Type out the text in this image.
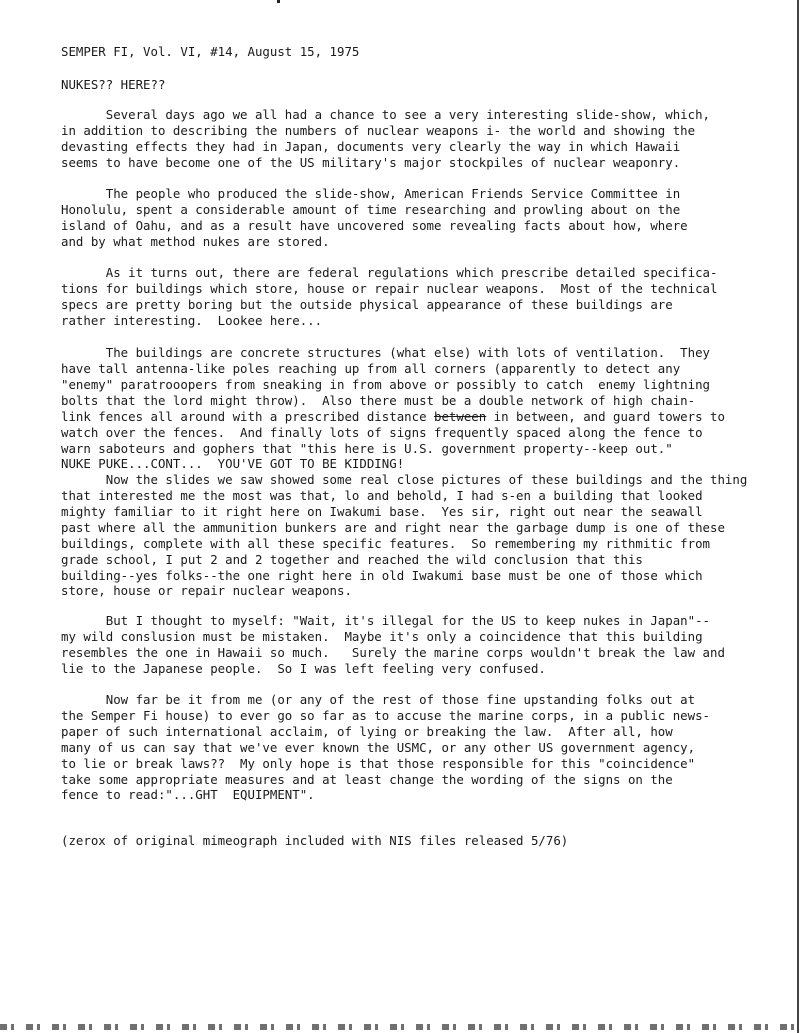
SEMPER FI, Vol. VI, #14, August 15, 1975
NUKES?? HERE??
Several days ago we all had a chance to see a very interesting slide-show, which,
in addition to describing the numbers of nuclear weapons i- the world and showing the
devasting effects they had in Japan, documents very clearly the way in which Hawaii
seems to have become one of the US military's major stockpiles of nuclear weaponry.
The people who produced the slide-show, American Friends Service Committee in
Honolulu, spent a considerable amount of time researching and prowling about on the
island of Oahu, and as a result have uncovered some revealing facts about how, where
and by what method nukes are stored.
As it turns out, there are federal regulations which prescribe detailed specifica-
tions for buildings which store, house or repair nuclear weapons.  Most of the technical
specs are pretty boring but the outside physical appearance of these buildings are
rather interesting.  Lookee here...
The buildings are concrete structures (what else) with lots of ventilation.  They
have tall antenna-like poles reaching up from all corners (apparently to detect any
"enemy" paratrooopers from sneaking in from above or possibly to catch  enemy lightning
bolts that the lord might throw).  Also there must be a double network of high chain-
link fences all around with a prescribed distance between in between, and guard towers to
watch over the fences.  And finally lots of signs frequently spaced along the fence to
warn saboteurs and gophers that "this here is U.S. government property--keep out."
NUKE PUKE...CONT...  YOU'VE GOT TO BE KIDDING!
Now the slides we saw showed some real close pictures of these buildings and the thing
that interested me the most was that, lo and behold, I had s-en a building that looked
mighty familiar to it right here on Iwakumi base.  Yes sir, right out near the seawall
past where all the ammunition bunkers are and right near the garbage dump is one of these
buildings, complete with all these specific features.  So remembering my rithmitic from
grade school, I put 2 and 2 together and reached the wild conclusion that this
building--yes folks--the one right here in old Iwakumi base must be one of those which
store, house or repair nuclear weapons.
But I thought to myself: "Wait, it's illegal for the US to keep nukes in Japan"--
my wild conslusion must be mistaken.  Maybe it's only a coincidence that this building
resembles the one in Hawaii so much.   Surely the marine corps wouldn't break the law and
lie to the Japanese people.  So I was left feeling very confused.
Now far be it from me (or any of the rest of those fine upstanding folks out at
the Semper Fi house) to ever go so far as to accuse the marine corps, in a public news-
paper of such international acclaim, of lying or breaking the law.  After all, how
many of us can say that we've ever known the USMC, or any other US government agency,
to lie or break laws??  My only hope is that those responsible for this "coincidence"
take some appropriate measures and at least change the wording of the signs on the
fence to read:"...GHT  EQUIPMENT".
(zerox of original mimeograph included with NIS files released 5/76)
